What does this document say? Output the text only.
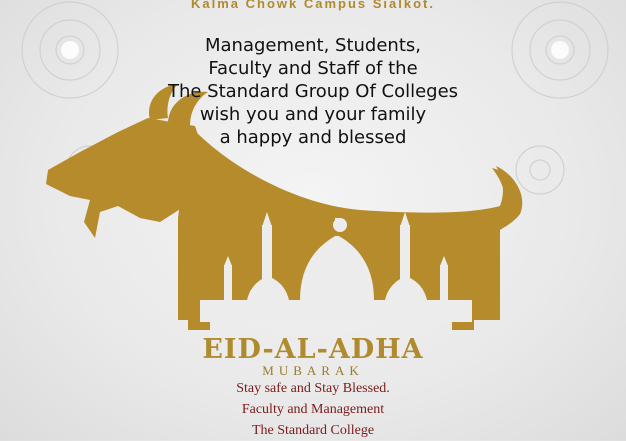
Kalma Chowk Campus Sialkot.
Management, Students,
Faculty and Staff of the
The Standard Group Of Colleges
wish you and your family
a happy and blessed
EID-AL-ADHA
MUBARAK
Stay safe and Stay Blessed.
Faculty and Management
The Standard College
